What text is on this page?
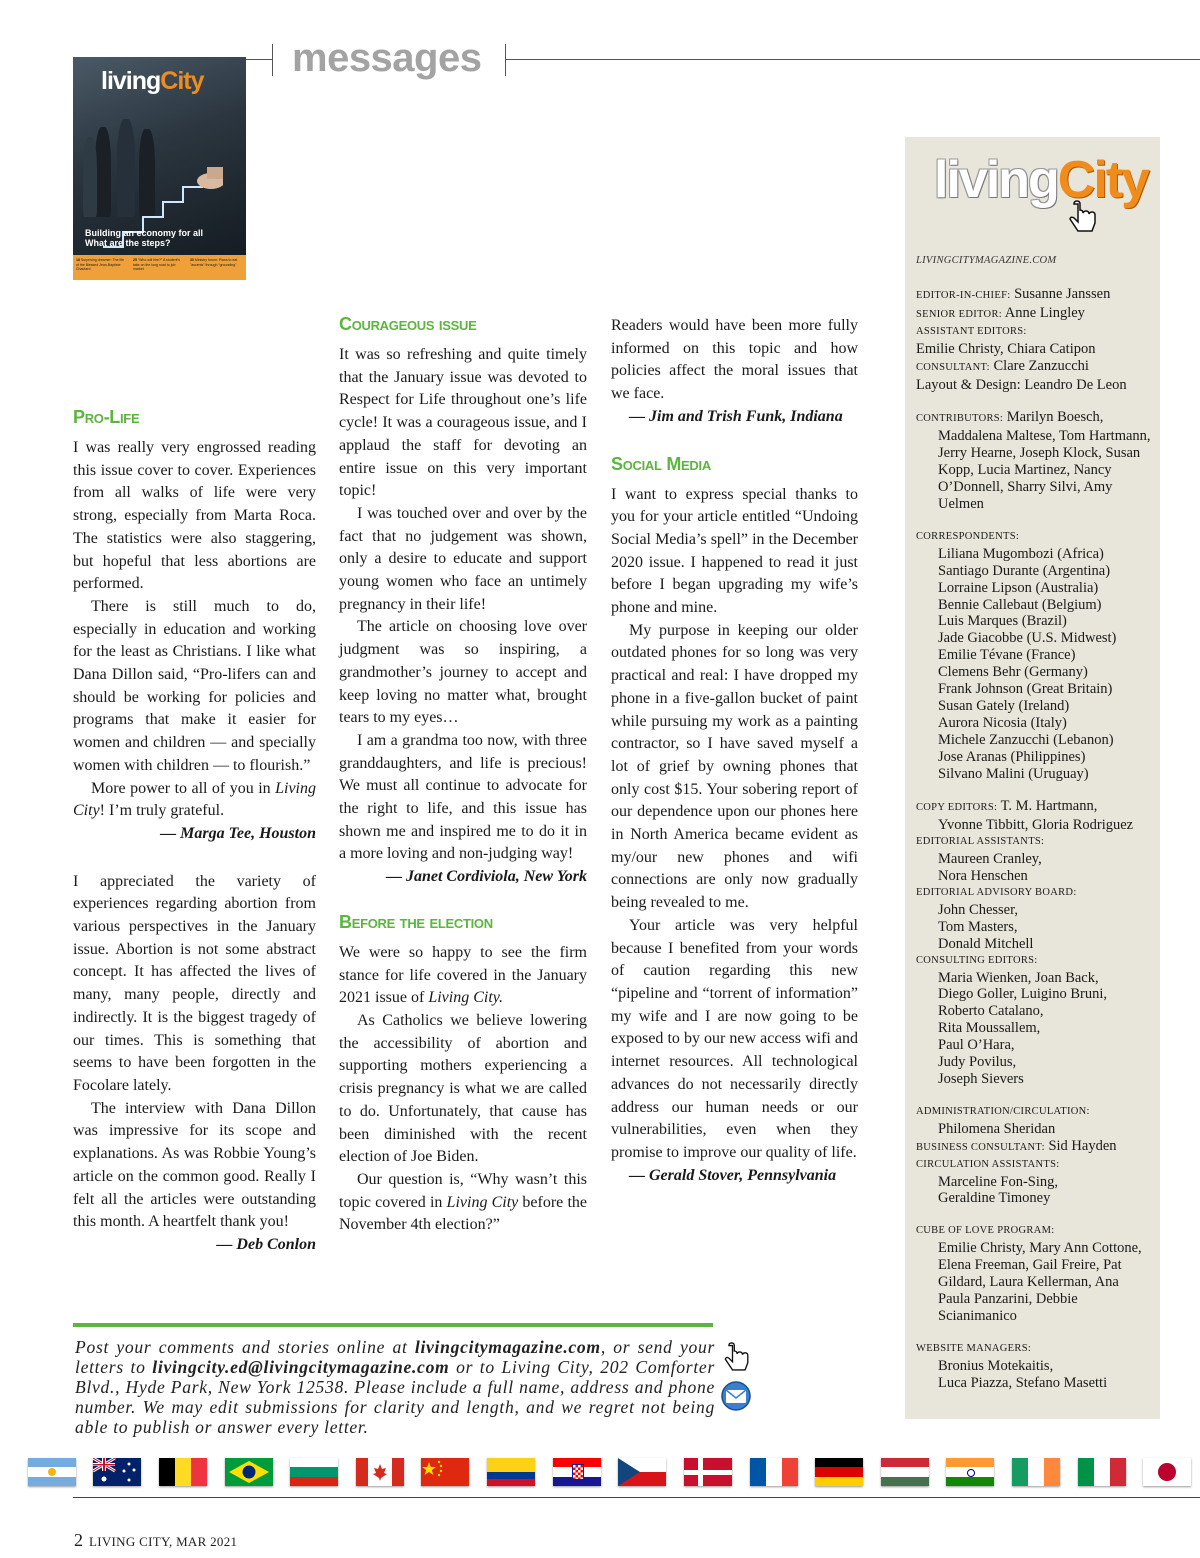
messages
livingCity
Building an economy for all
What are the steps?
18 Surprising dreamer: The life of the Blessed Jean-Baptiste Chautard
25 "Who will hire?" A student's take on the long road to job market
30 Ministry forum: Plans to eat "ascents" through "grounding"
Pro-Life

I was really very engrossed reading this issue cover to cover. Experiences from all walks of life were very strong, especially from Marta Roca. The statistics were also staggering, but hopeful that less abortions are performed.

There is still much to do, especially in education and working for the least as Christians. I like what Dana Dillon said, “Pro-lifers can and should be working for policies and programs that make it easier for women and children — and specially women with children — to flourish.”

More power to all of you in Living City! I’m truly grateful.

— Marga Tee, Houston

I appreciated the variety of experiences regarding abortion from various perspectives in the January issue. Abortion is not some abstract concept. It has affected the lives of many, many people, directly and indirectly. It is the biggest tragedy of our times. This is something that seems to have been forgotten in the Focolare lately.

The interview with Dana Dillon was impressive for its scope and explanations. As was Robbie Young’s article on the common good. Really I felt all the articles were outstanding this month. A heartfelt thank you!

— Deb Conlon

Courageous issue

It was so refreshing and quite timely that the January issue was devoted to Respect for Life throughout one’s life cycle! It was a courageous issue, and I applaud the staff for devoting an entire issue on this very important topic!

I was touched over and over by the fact that no judgement was shown, only a desire to educate and support young women who face an untimely pregnancy in their life!

The article on choosing love over judgment was so inspiring, a grandmother’s journey to accept and keep loving no matter what, brought tears to my eyes…

I am a grandma too now, with three granddaughters, and life is precious! We must all continue to advocate for the right to life, and this issue has shown me and inspired me to do it in a more loving and non-judging way!

— Janet Cordiviola, New York

Before the election

We were so happy to see the firm stance for life covered in the January 2021 issue of Living City.

As Catholics we believe lowering the accessibility of abortion and supporting mothers experiencing a crisis pregnancy is what we are called to do. Unfortunately, that cause has been diminished with the recent election of Joe Biden.

Our question is, “Why wasn’t this topic covered in Living City before the November 4th election?”

Readers would have been more fully informed on this topic and how policies affect the moral issues that we face.

— Jim and Trish Funk, Indiana

Social Media

I want to express special thanks to you for your article entitled “Undoing Social Media’s spell” in the December 2020 issue. I happened to read it just before I began upgrading my wife’s phone and mine.

My purpose in keeping our older outdated phones for so long was very practical and real: I have dropped my phone in a five-gallon bucket of paint while pursuing my work as a painting contractor, so I have saved myself a lot of grief by owning phones that only cost $15. Your sobering report of our dependence upon our phones here in North America became evident as my/our new phones and wifi connections are only now gradually being revealed to me.

Your article was very helpful because I benefited from your words of caution regarding this new “pipeline and “torrent of information” my wife and I are now going to be exposed to by our new access wifi and internet resources. All technological advances do not necessarily directly address our human needs or our vulnerabilities, even when they promise to improve our quality of life.

— Gerald Stover, Pennsylvania

livingCity
LIVINGCITYMAGAZINE.COM
EDITOR-IN-CHIEF: Susanne Janssen
SENIOR EDITOR: Anne Lingley
ASSISTANT EDITORS:
Emilie Christy, Chiara Catipon
CONSULTANT: Clare Zanzucchi
Layout & Design: Leandro De Leon
CONTRIBUTORS: Marilyn Boesch,
Maddalena Maltese, Tom Hartmann, Jerry Hearne, Joseph Klock, Susan Kopp, Lucia Martinez, Nancy O’Donnell, Sharry Silvi, Amy Uelmen
CORRESPONDENTS:
Liliana Mugombozi (Africa)
Santiago Durante (Argentina)
Lorraine Lipson (Australia)
Bennie Callebaut (Belgium)
Luis Marques (Brazil)
Jade Giacobbe (U.S. Midwest)
Emilie Tévane (France)
Clemens Behr (Germany)
Frank Johnson (Great Britain)
Susan Gately (Ireland)
Aurora Nicosia (Italy)
Michele Zanzucchi (Lebanon)
Jose Aranas (Philippines)
Silvano Malini (Uruguay)
COPY EDITORS: T. M. Hartmann,
Yvonne Tibbitt, Gloria Rodriguez
EDITORIAL ASSISTANTS:
Maureen Cranley,
Nora Henschen
EDITORIAL ADVISORY BOARD:
John Chesser,
Tom Masters,
Donald Mitchell
CONSULTING EDITORS:
Maria Wienken, Joan Back,
Diego Goller, Luigino Bruni,
Roberto Catalano,
Rita Moussallem,
Paul O’Hara,
Judy Povilus,
Joseph Sievers
ADMINISTRATION/CIRCULATION:
Philomena Sheridan
BUSINESS CONSULTANT: Sid Hayden
CIRCULATION ASSISTANTS:
Marceline Fon-Sing,
Geraldine Timoney
CUBE OF LOVE PROGRAM:
Emilie Christy, Mary Ann Cottone, Elena Freeman, Gail Freire, Pat Gildard, Laura Kellerman, Ana Paula Panzarini, Debbie Scianimanico
WEBSITE MANAGERS:
Bronius Motekaitis,
Luca Piazza, Stefano Masetti
Post your comments and stories online at livingcitymagazine.com, or send your letters to livingcity.ed@livingcitymagazine.com or to Living City, 202 Comforter Blvd., Hyde Park, New York 12538. Please include a full name, address and phone number. We may edit submissions for clarity and length, and we regret not being able to publish or answer every letter.
2 LIVING CITY, MAR 2021
